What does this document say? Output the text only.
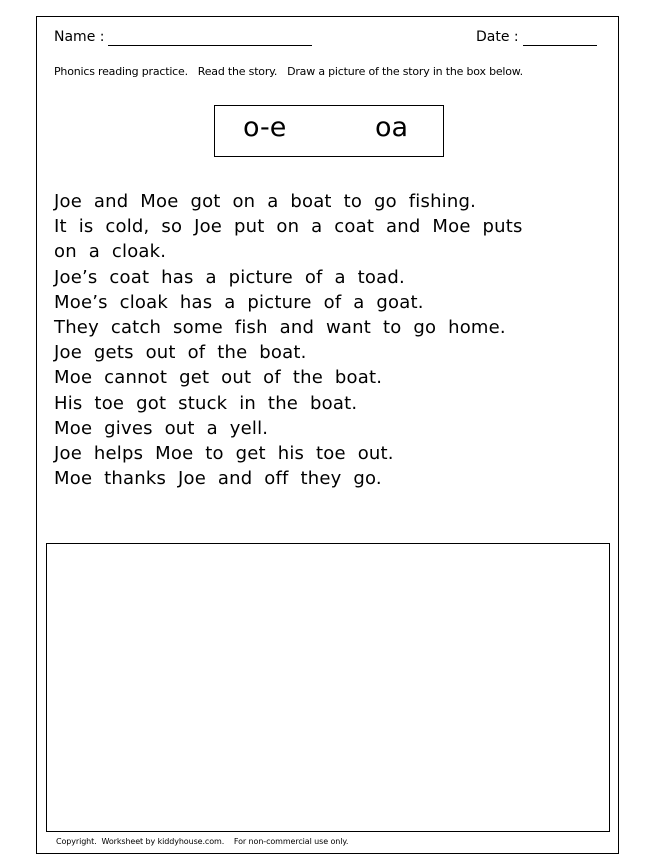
Name :	Date :
Phonics reading practice.   Read the story.   Draw a picture of the story in the box below.
o-e	oa
Joe and Moe got on a boat to go fishing.
It is cold, so Joe put on a coat and Moe puts
on a cloak.
Joe’s coat has a picture of a toad.
Moe’s cloak has a picture of a goat.
They catch some fish and want to go home.
Joe gets out of the boat.
Moe cannot get out of the boat.
His toe got stuck in the boat.
Moe gives out a yell.
Joe helps Moe to get his toe out.
Moe thanks Joe and off they go.
Copyright.  Worksheet by kiddyhouse.com.    For non-commercial use only.
